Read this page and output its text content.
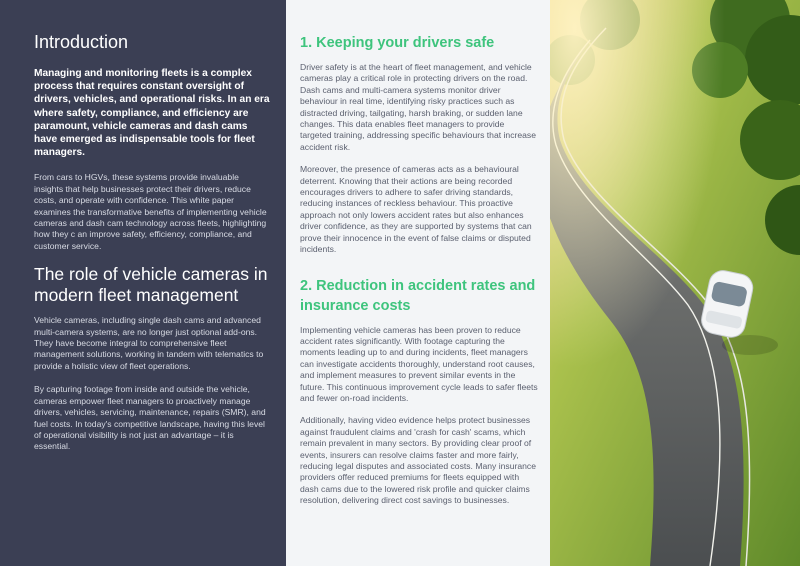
Introduction

Managing and monitoring fleets is a complex process that requires constant oversight of drivers, vehicles, and operational risks. In an era where safety, compliance, and efficiency are paramount, vehicle cameras and dash cams have emerged as indispensable tools for fleet managers.

From cars to HGVs, these systems provide invaluable insights that help businesses protect their drivers, reduce costs, and operate with confidence. This white paper examines the transformative benefits of implementing vehicle cameras and dash cam technology across fleets, highlighting how they c an improve safety, efficiency, compliance, and customer service.

The role of vehicle cameras in modern fleet management

Vehicle cameras, including single dash cams and advanced multi-camera systems, are no longer just optional add-ons. They have become integral to comprehensive fleet management solutions, working in tandem with telematics to provide a holistic view of fleet operations.

By capturing footage from inside and outside the vehicle, cameras empower fleet managers to proactively manage drivers, vehicles, servicing, maintenance, repairs (SMR), and fuel costs. In today's competitive landscape, having this level of operational visibility is not just an advantage – it is essential.

1. Keeping your drivers safe

Driver safety is at the heart of fleet management, and vehicle cameras play a critical role in protecting drivers on the road. Dash cams and multi-camera systems monitor driver behaviour in real time, identifying risky practices such as distracted driving, tailgating, harsh braking, or sudden lane changes. This data enables fleet managers to provide targeted training, addressing specific behaviours that increase accident risk.

Moreover, the presence of cameras acts as a behavioural deterrent. Knowing that their actions are being recorded encourages drivers to adhere to safer driving standards, reducing instances of reckless behaviour. This proactive approach not only lowers accident rates but also enhances driver confidence, as they are supported by systems that can prove their innocence in the event of false claims or disputed incidents.

2. Reduction in accident rates and insurance costs

Implementing vehicle cameras has been proven to reduce accident rates significantly. With footage capturing the moments leading up to and during incidents, fleet managers can investigate accidents thoroughly, understand root causes, and implement measures to prevent similar events in the future. This continuous improvement cycle leads to safer fleets and fewer on-road incidents.

Additionally, having video evidence helps protect businesses against fraudulent claims and 'crash for cash' scams, which remain prevalent in many sectors. By providing clear proof of events, insurers can resolve claims faster and more fairly, reducing legal disputes and associated costs. Many insurance providers offer reduced premiums for fleets equipped with dash cams due to the lowered risk profile and quicker claims resolution, delivering direct cost savings to businesses.
